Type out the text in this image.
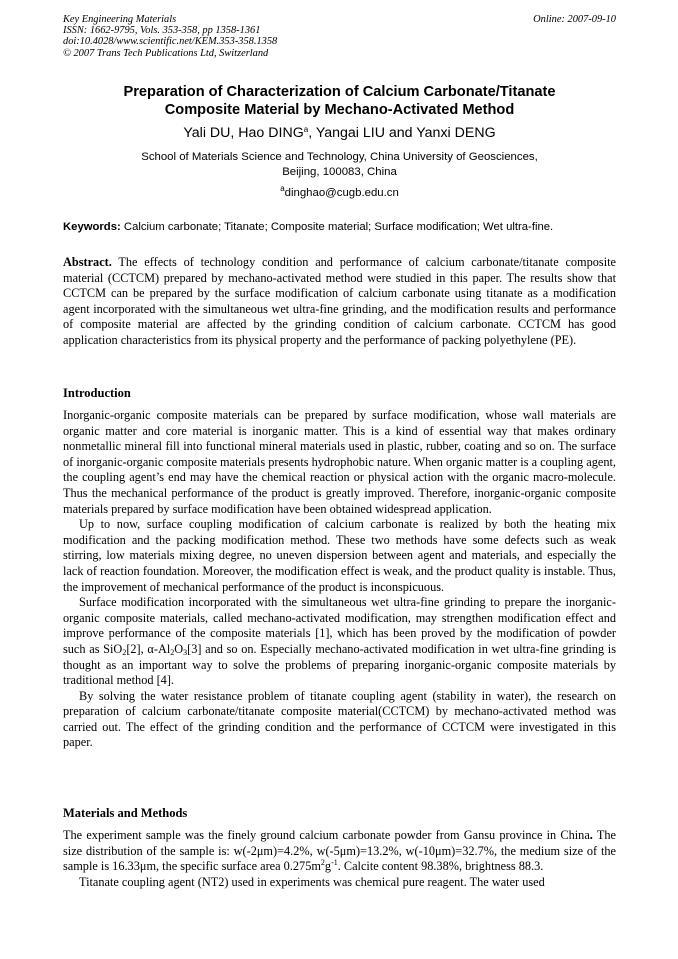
Key Engineering Materials
ISSN: 1662-9795, Vols. 353-358, pp 1358-1361
doi:10.4028/www.scientific.net/KEM.353-358.1358
© 2007 Trans Tech Publications Ltd, Switzerland
Online: 2007-09-10
Preparation of Characterization of Calcium Carbonate/Titanate
Composite Material by Mechano-Activated Method
Yali DU, Hao DING$^a$, Yangai LIU and Yanxi DENG
School of Materials Science and Technology, China University of Geosciences,
Beijing, 100083, China
$^a$dinghao@cugb.edu.cn
Keywords: Calcium carbonate; Titanate; Composite material; Surface modification; Wet ultra-fine.

Abstract. The effects of technology condition and performance of calcium carbonate/titanate composite material (CCTCM) prepared by mechano-activated method were studied in this paper. The results show that CCTCM can be prepared by the surface modification of calcium carbonate using titanate as a modification agent incorporated with the simultaneous wet ultra-fine grinding, and the modification results and performance of composite material are affected by the grinding condition of calcium carbonate. CCTCM has good application characteristics from its physical property and the performance of packing polyethylene (PE).

Introduction

Inorganic-organic composite materials can be prepared by surface modification, whose wall materials are organic matter and core material is inorganic matter. This is a kind of essential way that makes ordinary nonmetallic mineral fill into functional mineral materials used in plastic, rubber, coating and so on. The surface of inorganic-organic composite materials presents hydrophobic nature. When organic matter is a coupling agent, the coupling agent’s end may have the chemical reaction or physical action with the organic macro-molecule. Thus the mechanical performance of the product is greatly improved. Therefore, inorganic-organic composite materials prepared by surface modification have been obtained widespread application.

Up to now, surface coupling modification of calcium carbonate is realized by both the heating mix modification and the packing modification method. These two methods have some defects such as weak stirring, low materials mixing degree, no uneven dispersion between agent and materials, and especially the lack of reaction foundation. Moreover, the modification effect is weak, and the product quality is instable. Thus, the improvement of mechanical performance of the product is inconspicuous.

Surface modification incorporated with the simultaneous wet ultra-fine grinding to prepare the inorganic-organic composite materials, called mechano-activated modification, may strengthen modification effect and improve performance of the composite materials [1], which has been proved by the modification of powder such as SiO$_2$[2], $\alpha-Al_2O_3[3]$ and so on. Especially mechano-activated modification in wet ultra-fine grinding is thought as an important way to solve the problems of preparing inorganic-organic composite materials by traditional method [4].

By solving the water resistance problem of titanate coupling agent (stability in water), the research on preparation of calcium carbonate/titanate composite material(CCTCM) by mechano-activated method was carried out. The effect of the grinding condition and the performance of CCTCM were investigated in this paper.

Materials and Methods

The experiment sample was the finely ground calcium carbonate powder from Gansu province in China. The size distribution of the sample is: w(-2μm)=4.2%, w(-5μm)=13.2%, w(-10μm)=32.7%, the medium size of the sample is 16.33μm, the specific surface area $0.275m^2g^{-1}$. Calcite content 98.38%, brightness 88.3.

Titanate coupling agent (NT2) used in experiments was chemical pure reagent. The water used
